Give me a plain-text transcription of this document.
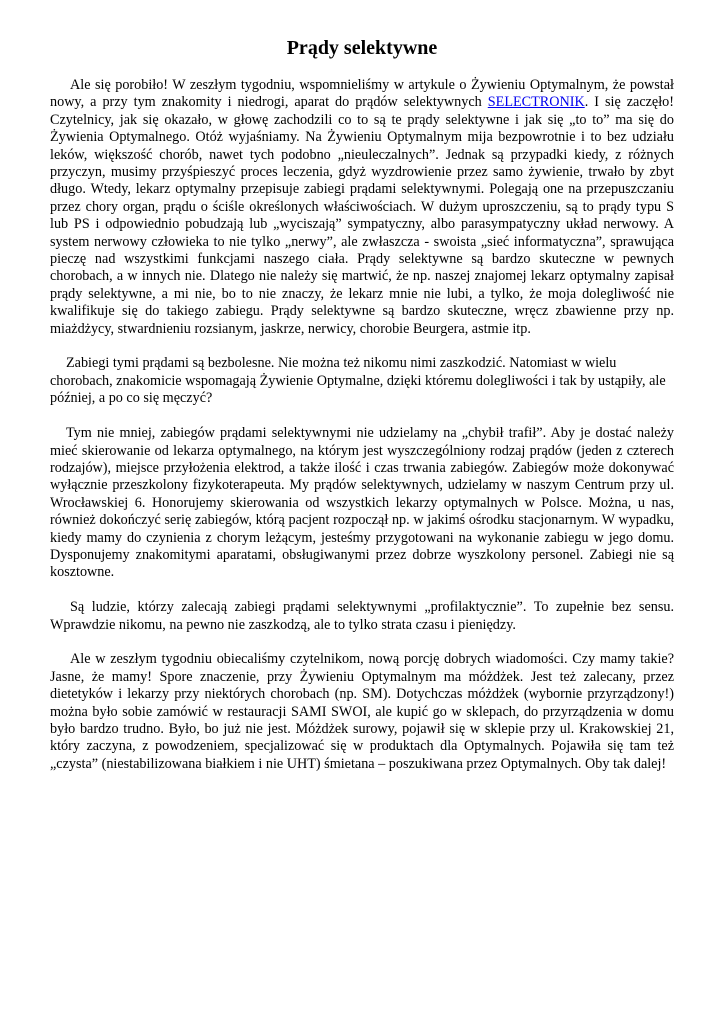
Prądy selektywne

Ale się porobiło! W zeszłym tygodniu, wspomnieliśmy w artykule o Żywieniu Optymalnym, że powstał nowy, a przy tym znakomity i niedrogi, aparat do prądów selektywnych SELECTRONIK. I się zaczęło! Czytelnicy, jak się okazało, w głowę zachodzili co to są te prądy selektywne i jak się „to to” ma się do Żywienia Optymalnego. Otóż wyjaśniamy. Na Żywieniu Optymalnym mija bezpowrotnie i to bez udziału leków, większość chorób, nawet tych podobno „nieuleczalnych”. Jednak są przypadki kiedy, z różnych przyczyn, musimy przyśpieszyć proces leczenia, gdyż wyzdrowienie przez samo żywienie, trwało by zbyt długo. Wtedy, lekarz optymalny przepisuje zabiegi prądami selektywnymi. Polegają one na przepuszczaniu przez chory organ, prądu o ściśle określonych właściwościach. W dużym uproszczeniu, są to prądy typu S lub PS i odpowiednio pobudzają lub „wyciszają” sympatyczny, albo parasympatyczny układ nerwowy. A system nerwowy człowieka to nie tylko „nerwy”, ale zwłaszcza - swoista „sieć informatyczna”, sprawująca pieczę nad wszystkimi funkcjami naszego ciała. Prądy selektywne są bardzo skuteczne w pewnych chorobach, a w innych nie. Dlatego nie należy się martwić, że np. naszej znajomej lekarz optymalny zapisał prądy selektywne, a mi nie, bo to nie znaczy, że lekarz mnie nie lubi, a tylko, że moja dolegliwość nie kwalifikuje się do takiego zabiegu. Prądy selektywne są bardzo skuteczne, wręcz zbawienne przy np. miażdżycy, stwardnieniu rozsianym, jaskrze, nerwicy, chorobie Beurgera, astmie itp.

Zabiegi tymi prądami są bezbolesne. Nie można też nikomu nimi zaszkodzić. Natomiast w wielu chorobach, znakomicie wspomagają Żywienie Optymalne, dzięki któremu dolegliwości i tak by ustąpiły, ale później, a po co się męczyć?

Tym nie mniej, zabiegów prądami selektywnymi nie udzielamy na „chybił trafił”. Aby je dostać należy mieć skierowanie od lekarza optymalnego, na którym jest wyszczególniony rodzaj prądów (jeden z czterech rodzajów), miejsce przyłożenia elektrod, a także ilość i czas trwania zabiegów. Zabiegów może dokonywać wyłącznie przeszkolony fizykoterapeuta. My prądów selektywnych, udzielamy w naszym Centrum przy ul. Wrocławskiej 6. Honorujemy skierowania od wszystkich lekarzy optymalnych w Polsce. Można, u nas, również dokończyć serię zabiegów, którą pacjent rozpoczął np. w jakimś ośrodku stacjonarnym. W wypadku, kiedy mamy do czynienia z chorym leżącym, jesteśmy przygotowani na wykonanie zabiegu w jego domu. Dysponujemy znakomitymi aparatami, obsługiwanymi przez dobrze wyszkolony personel. Zabiegi nie są kosztowne.

Są ludzie, którzy zalecają zabiegi prądami selektywnymi „profilaktycznie”. To zupełnie bez sensu. Wprawdzie nikomu, na pewno nie zaszkodzą, ale to tylko strata czasu i pieniędzy.

Ale w zeszłym tygodniu obiecaliśmy czytelnikom, nową porcję dobrych wiadomości. Czy mamy takie? Jasne, że mamy! Spore znaczenie, przy Żywieniu Optymalnym ma móżdżek. Jest też zalecany, przez dietetyków i lekarzy przy niektórych chorobach (np. SM). Dotychczas móżdżek (wybornie przyrządzony!) można było sobie zamówić w restauracji SAMI SWOI, ale kupić go w sklepach, do przyrządzenia w domu było bardzo trudno. Było, bo już nie jest. Móżdżek surowy, pojawił się w sklepie przy ul. Krakowskiej 21, który zaczyna, z powodzeniem, specjalizować się w produktach dla Optymalnych. Pojawiła się tam też „czysta” (niestabilizowana białkiem i nie UHT) śmietana – poszukiwana przez Optymalnych. Oby tak dalej!
